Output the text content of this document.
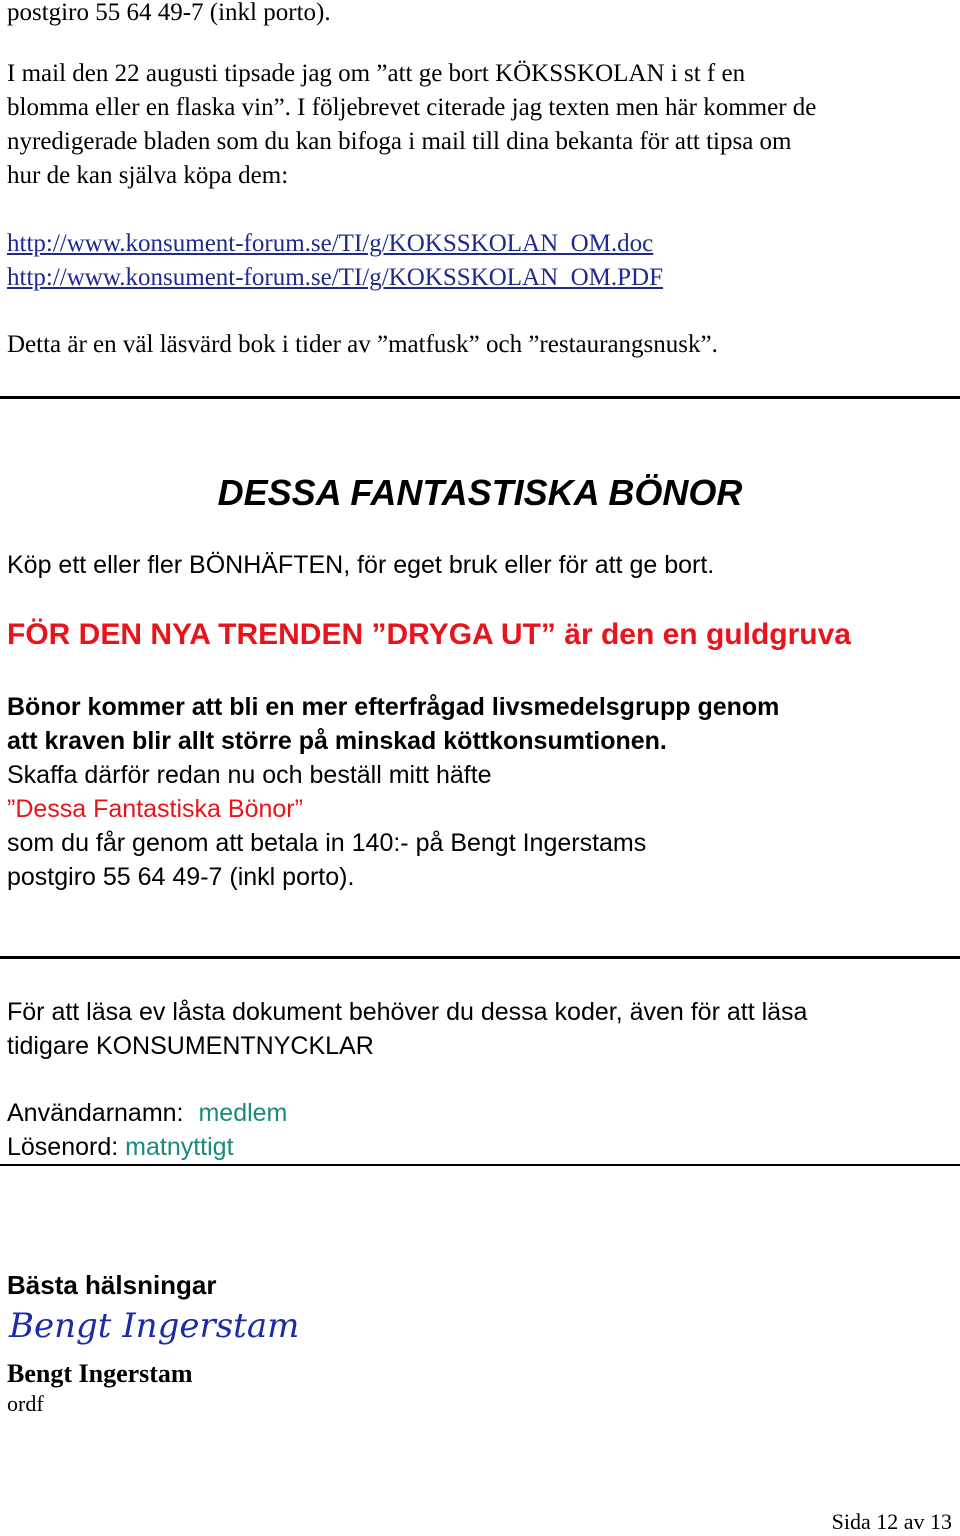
postgiro 55 64 49-7 (inkl porto).

I mail den 22 augusti tipsade jag om ”att ge bort KÖKSSKOLAN i st f en
blomma eller en flaska vin”. I följebrevet citerade jag texten men här kommer de
nyredigerade bladen som du kan bifoga i mail till dina bekanta för att tipsa om
hur de kan själva köpa dem:
http://www.konsument-forum.se/TI/g/KOKSSKOLAN_OM.doc
http://www.konsument-forum.se/TI/g/KOKSSKOLAN_OM.PDF

Detta är en väl läsvärd bok i tider av ”matfusk” och ”restaurangsnusk”.

DESSA FANTASTISKA BÖNOR

Köp ett eller fler BÖNHÄFTEN, för eget bruk eller för att ge bort.

FÖR DEN NYA TRENDEN ”DRYGA UT” är den en guldgruva

Bönor kommer att bli en mer efterfrågad livsmedelsgrupp genom
att kraven blir allt större på minskad köttkonsumtionen.
Skaffa därför redan nu och beställ mitt häfte
”Dessa Fantastiska Bönor”
som du får genom att betala in 140:- på Bengt Ingerstams
postgiro 55 64 49-7 (inkl porto).
För att läsa ev låsta dokument behöver du dessa koder, även för att läsa
tidigare KONSUMENTNYCKLAR
Användarnamn: medlem
Lösenord: matnyttigt

Bästa hälsningar

Bengt Ingerstam

Bengt Ingerstam

ordf

Sida 12 av 13
